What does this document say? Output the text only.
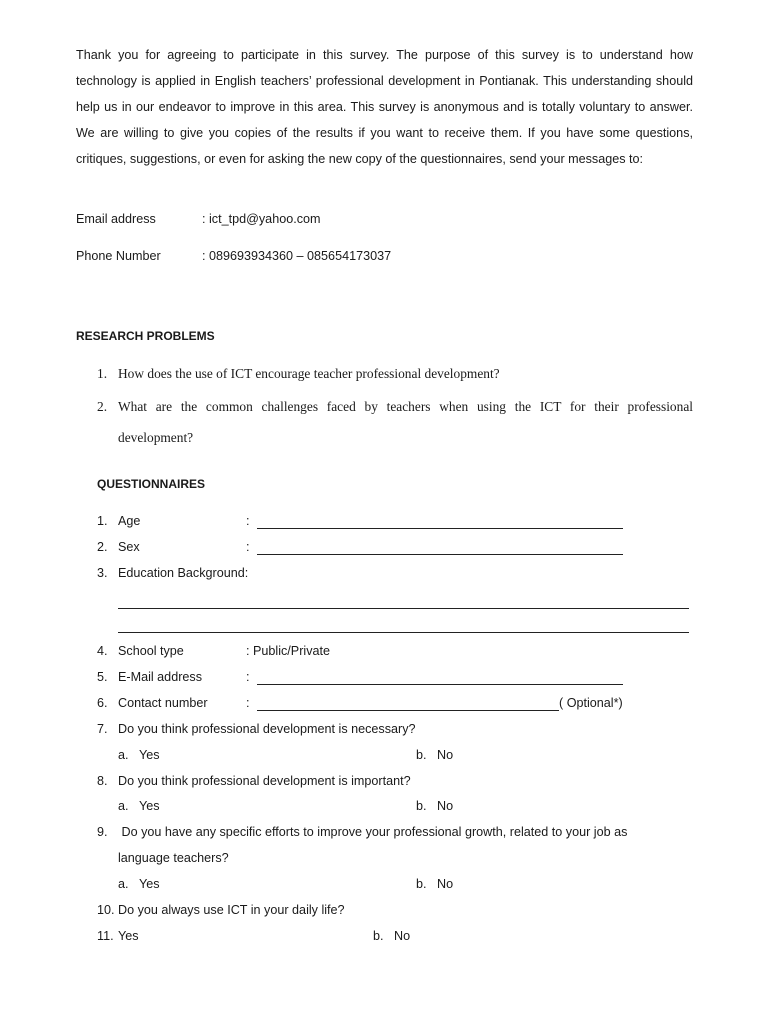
Thank you for agreeing to participate in this survey. The purpose of this survey is to understand how technology is applied in English teachers’ professional development in Pontianak. This understanding should help us in our endeavor to improve in this area. This survey is anonymous and is totally voluntary to answer. We are willing to give you copies of the results if you want to receive them. If you have some questions, critiques, suggestions, or even for asking the new copy of the questionnaires, send your messages to:

Email address	: ict_tpd@yahoo.com
Phone Number	: 089693934360 – 085654173037
RESEARCH PROBLEMS
1. How does the use of ICT encourage teacher professional development?
2. What are the common challenges faced by teachers when using the ICT for their professional development?
QUESTIONNAIRES
1. Age	:
2. Sex	:
3. Education Background:
4. School type	: Public/Private
5. E-Mail address	:
6. Contact number	:	( Optional*)
7. Do you think professional development is necessary?
a. Yes	b. No
8. Do you think professional development is important?
a. Yes	b. No
9. Do you have any specific efforts to improve your professional growth, related to your job as
language teachers?
a. Yes	b. No
10. Do you always use ICT in your daily life?
11. Yes	b. No
